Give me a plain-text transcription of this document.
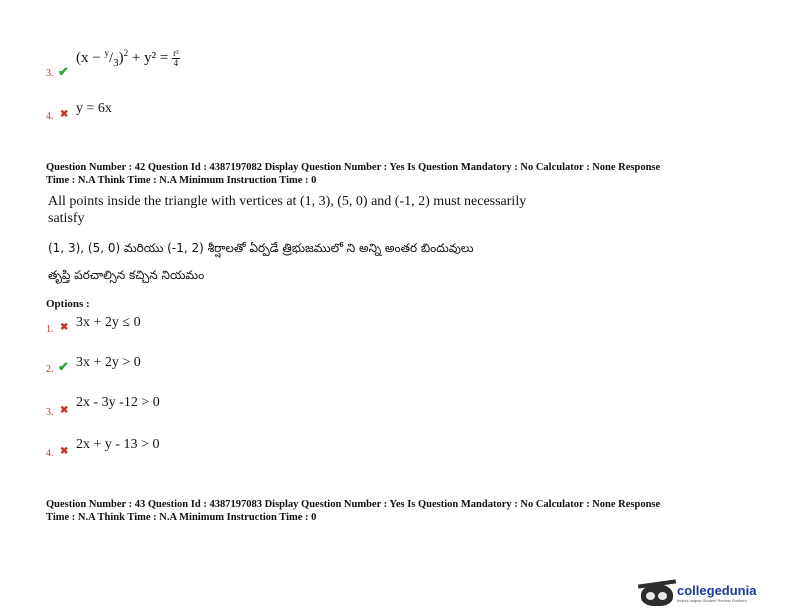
3. ✔
$(x - ^y/_3)^2 + y^2 = \frac{\text{r²}}{4}$
4. ✖ y = 6x
Question Number : 42 Question Id : 4387197082 Display Question Number : Yes Is Question Mandatory : No Calculator : None Response
Time : N.A Think Time : N.A Minimum Instruction Time : 0
All points inside the triangle with vertices at (1, 3), (5, 0) and (-1, 2) must necessarily
satisfy
(1, 3), (5, 0) మరియు (-1, 2) శీర్షాలతో ఏర్పడే త్రిభుజములో ని అన్ని అంతర బిందువులు
తృప్తి పరచాల్సిన కచ్చిన నియమం
Options :
1. ✖ 3x + 2y ≤ 0
2. ✔ 3x + 2y > 0
2x - 3y -12 > 0
3. ✖
4. ✖ 2x + y - 13 > 0
Question Number : 43 Question Id : 4387197083 Display Question Number : Yes Is Question Mandatory : No Calculator : None Response
Time : N.A Think Time : N.A Minimum Instruction Time : 0
collegedunia
India's largest Student Review Platform
